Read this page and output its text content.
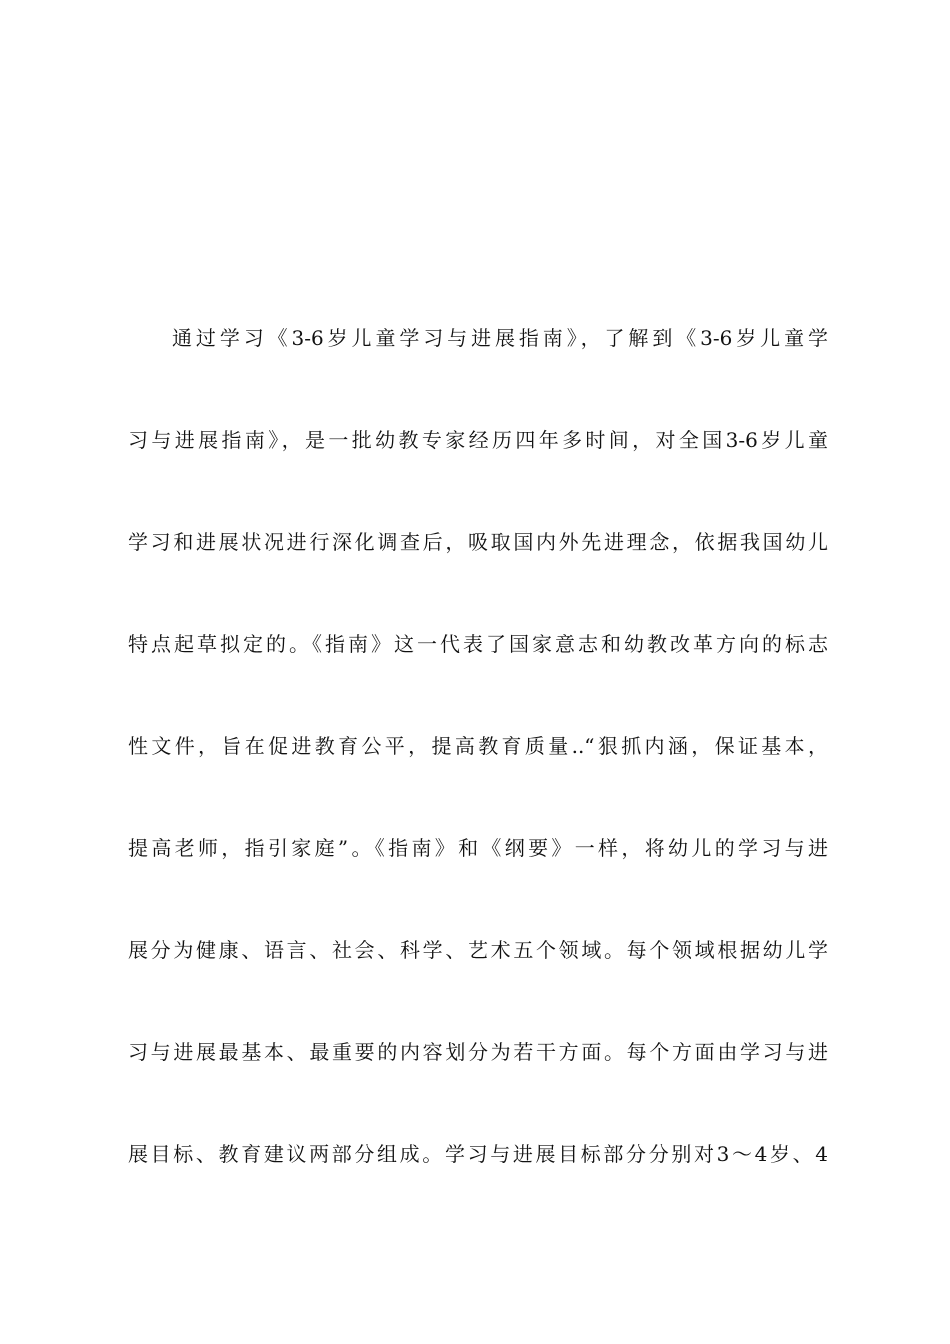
通过学习《3-6岁儿童学习与进展指南》，了解到《3-6岁儿童学
习与进展指南》，是一批幼教专家经历四年多时间，对全国3-6岁儿童
学习和进展状况进行深化调查后，吸取国内外先进理念，依据我国幼儿
特点起草拟定的。《指南》这一代表了国家意志和幼教改革方向的标志
性文件，旨在促进教育公平，提高教育质量..“狠抓内涵，保证基本，
提高老师，指引家庭”。《指南》和《纲要》一样，将幼儿的学习与进
展分为健康、语言、社会、科学、艺术五个领域。每个领域根据幼儿学
习与进展最基本、最重要的内容划分为若干方面。每个方面由学习与进
展目标、教育建议两部分组成。学习与进展目标部分分别对3～4岁、4
